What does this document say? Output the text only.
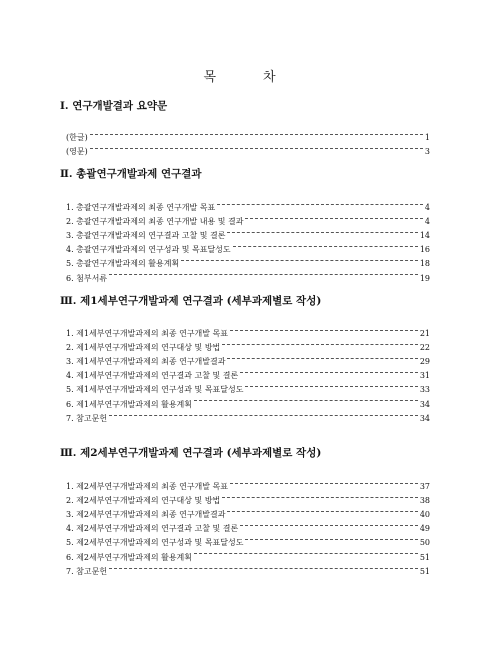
목	차
Ⅰ. 연구개발결과 요약문
(한글)	1
(영문)	3
Ⅱ. 총괄연구개발과제 연구결과
1. 총괄연구개발과제의 최종 연구개발 목표	4
2. 총괄연구개발과제의 최종 연구개발 내용 및 결과	4
3. 총괄연구개발과제의 연구결과 고찰 및 결론	14
4. 총괄연구개발과제의 연구성과 및 목표달성도	16
5. 총괄연구개발과제의 활용계획	18
6. 첨부서류	19
Ⅲ. 제1세부연구개발과제 연구결과 (세부과제별로 작성)
1. 제1세부연구개발과제의 최종 연구개발 목표	21
2. 제1세부연구개발과제의 연구대상 및 방법	22
3. 제1세부연구개발과제의 최종 연구개발결과	29
4. 제1세부연구개발과제의 연구결과 고찰 및 결론	31
5. 제1세부연구개발과제의 연구성과 및 목표달성도	33
6. 제1세부연구개발과제의 활용계획	34
7. 참고문헌	34
Ⅲ. 제2세부연구개발과제 연구결과 (세부과제별로 작성)
1. 제2세부연구개발과제의 최종 연구개발 목표	37
2. 제2세부연구개발과제의 연구대상 및 방법	38
3. 제2세부연구개발과제의 최종 연구개발결과	40
4. 제2세부연구개발과제의 연구결과 고찰 및 결론	49
5. 제2세부연구개발과제의 연구성과 및 목표달성도	50
6. 제2세부연구개발과제의 활용계획	51
7. 참고문헌	51
